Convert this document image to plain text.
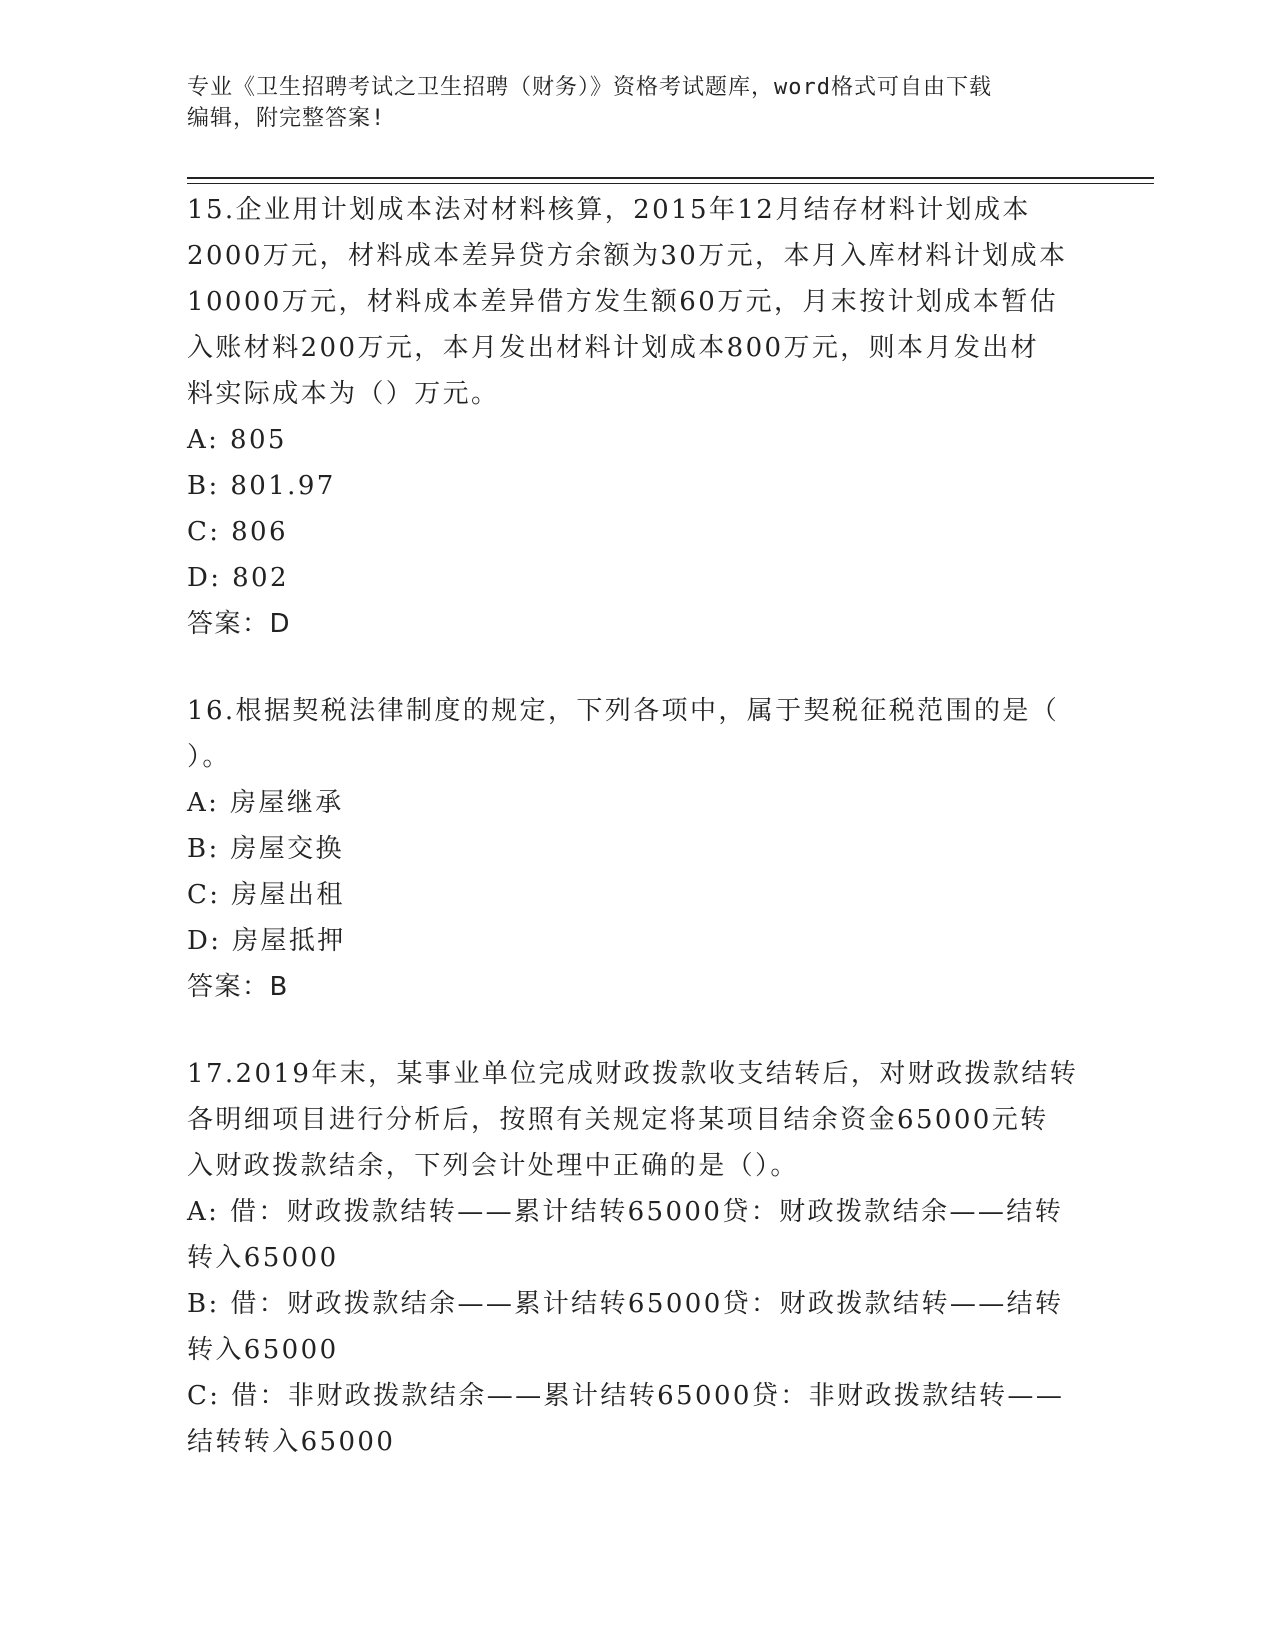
专业《卫生招聘考试之卫生招聘（财务）》资格考试题库，word格式可自由下载
编辑，附完整答案!

15.企业用计划成本法对材料核算，2015年12月结存材料计划成本

2000万元，材料成本差异贷方余额为30万元，本月入库材料计划成本

10000万元，材料成本差异借方发生额60万元，月末按计划成本暂估

入账材料200万元，本月发出材料计划成本800万元，则本月发出材

料实际成本为（）万元。

A: 805

B: 801.97

C: 806

D: 802

答案：D

16.根据契税法律制度的规定，下列各项中，属于契税征税范围的是（

）。

A: 房屋继承

B: 房屋交换

C: 房屋出租

D: 房屋抵押

答案：B

17.2019年末，某事业单位完成财政拨款收支结转后，对财政拨款结转

各明细项目进行分析后，按照有关规定将某项目结余资金65000元转

入财政拨款结余，下列会计处理中正确的是（）。

A: 借：财政拨款结转——累计结转65000贷：财政拨款结余——结转

转入65000

B: 借：财政拨款结余——累计结转65000贷：财政拨款结转——结转

转入65000

C: 借：非财政拨款结余——累计结转65000贷：非财政拨款结转——

结转转入65000
